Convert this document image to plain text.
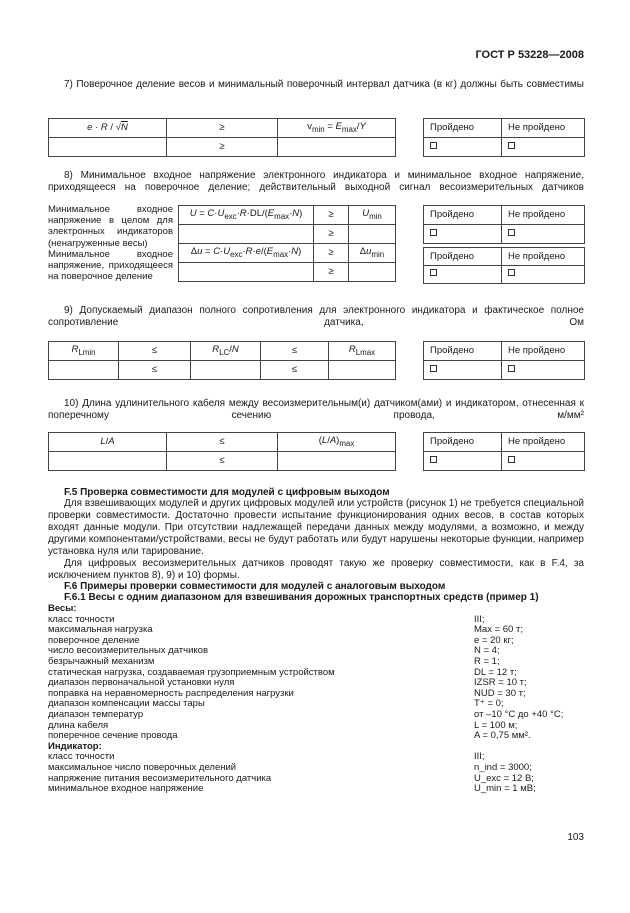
ГОСТ Р 53228—2008
7) Поверочное деление весов и минимальный поверочный интервал датчика (в кг) должны быть совместимы
e · R / √N	≥	$v_{min} = E_{max}/Y$
	≥	
Пройдено	Не пройдено

8) Минимальное входное напряжение электронного индикатора и минимальное входное напряжение, приходящееся на поверочное деление; действительный выходной сигнал весоизмерительных датчиков
Минимальное входное напряжение в целом для электронных индикаторов (ненагруженные весы)
Минимальное входное напряжение, приходящееся на поверочное деление
$U = C\cdot U_{exc}\cdot R\cdot DL/(E_{max}\cdot N)$	≥	$U_{min}$
	≥	
$\Delta u = C\cdot U_{exc}\cdot R\cdot e/(E_{max}\cdot N)$	≥	$\Delta u_{min}$
	≥	
Пройдено	Не пройдено

Пройдено	Не пройдено

9) Допускаемый диапазон полного сопротивления для электронного индикатора и фактическое полное сопротивление датчика, Ом
$R_{Lmin}$	≤	$R_{LC}/N$	≤	$R_{Lmax}$
	≤		≤	
Пройдено	Не пройдено

10) Длина удлинительного кабеля между весоизмерительным(и) датчиком(ами) и индикатором, отнесенная к поперечному сечению провода, м/мм²
L/A	≤	$(L/A)_{max}$
	≤	
Пройдено	Не пройдено

F.5 Проверка совместимости для модулей с цифровым выходом
Для взвешивающих модулей и других цифровых модулей или устройств (рисунок 1) не требуется специальной проверки совместимости. Достаточно провести испытание функционирования одних весов, в состав которых входят данные модули. При отсутствии надлежащей передачи данных между модулями, а возможно, и между другими компонентами/устройствами, весы не будут работать или будут нарушены некоторые функции, например установка нуля или тарирование.
Для цифровых весоизмерительных датчиков проводят такую же проверку совместимости, как в F.4, за исключением пунктов 8), 9) и 10) формы.
F.6 Примеры проверки совместимости для модулей с аналоговым выходом
F.6.1 Весы с одним диапазоном для взвешивания дорожных транспортных средств (пример 1)
Весы:
класс точности	III;
максимальная нагрузка	Max = 60 т;
поверочное деление	e = 20 кг;
число весоизмерительных датчиков	N = 4;
безрычажный механизм	R = 1;
статическая нагрузка, создаваемая грузоприемным устройством	DL = 12 т;
диапазон первоначальной установки нуля	IZSR = 10 т;
поправка на неравномерность распределения нагрузки	NUD = 30 т;
диапазон компенсации массы тары	T⁺ = 0;
диапазон температур	от –10 °С до +40 °С;
длина кабеля	L = 100 м;
поперечное сечение провода	A = 0,75 мм².
Индикатор:
класс точности	III;
максимальное число поверочных делений	n_ind = 3000;
напряжение питания весоизмерительного датчика	U_exc = 12 В;
минимальное входное напряжение	U_min = 1 мВ;
103
